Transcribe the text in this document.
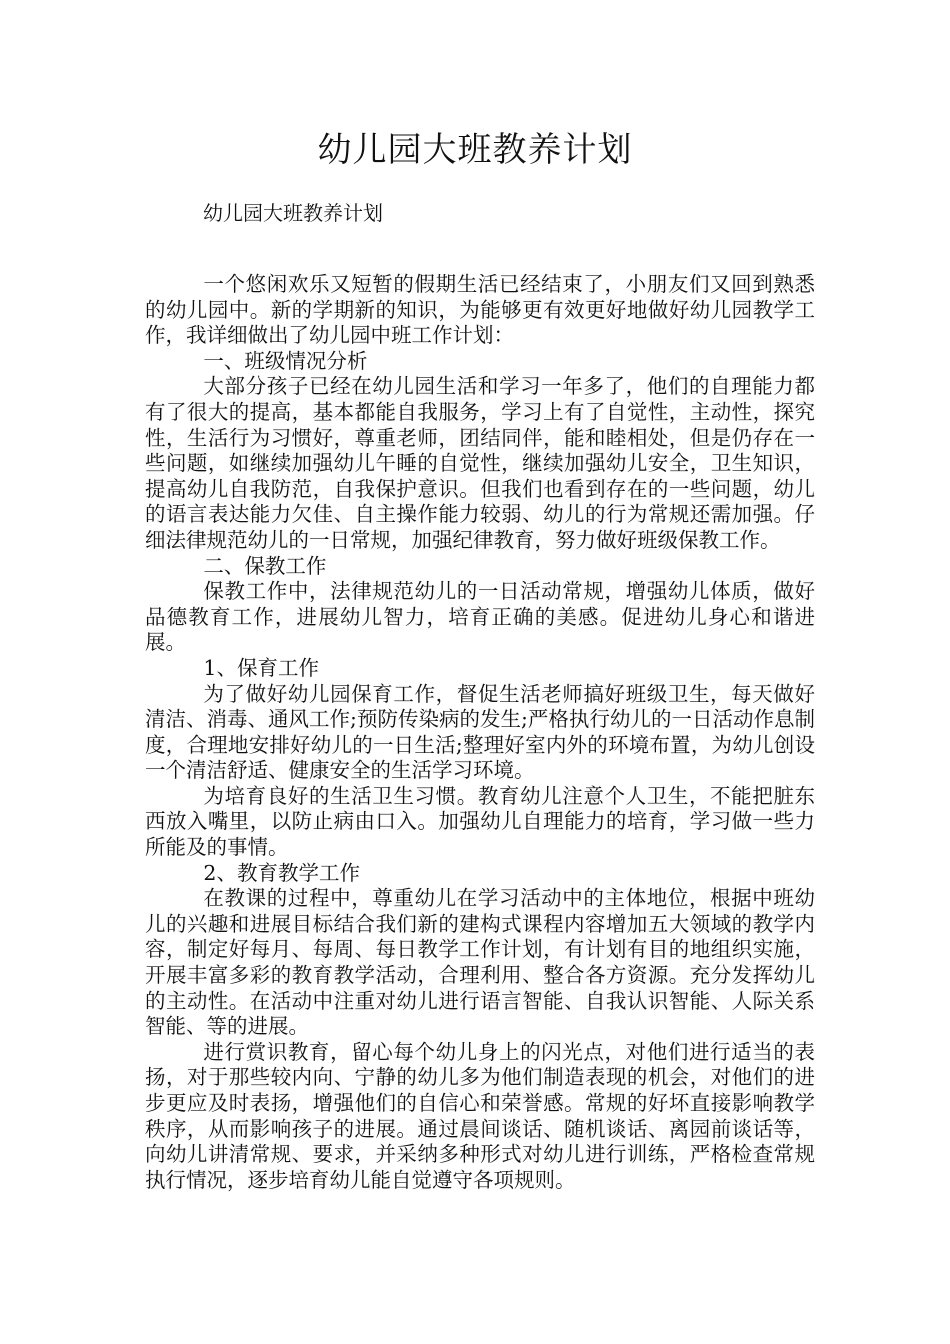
幼儿园大班教养计划

幼儿园大班教养计划

一个悠闲欢乐又短暂的假期生活已经结束了，小朋友们又回到熟悉的幼儿园中。新的学期新的知识，为能够更有效更好地做好幼儿园教学工作，我详细做出了幼儿园中班工作计划：

一、班级情况分析

大部分孩子已经在幼儿园生活和学习一年多了，他们的自理能力都有了很大的提高，基本都能自我服务，学习上有了自觉性，主动性，探究性，生活行为习惯好，尊重老师，团结同伴，能和睦相处，但是仍存在一些问题，如继续加强幼儿午睡的自觉性，继续加强幼儿安全，卫生知识，提高幼儿自我防范，自我保护意识。但我们也看到存在的一些问题，幼儿的语言表达能力欠佳、自主操作能力较弱、幼儿的行为常规还需加强。仔细法律规范幼儿的一日常规，加强纪律教育，努力做好班级保教工作。

二、保教工作

保教工作中，法律规范幼儿的一日活动常规，增强幼儿体质，做好品德教育工作，进展幼儿智力，培育正确的美感。促进幼儿身心和谐进展。

1、保育工作

为了做好幼儿园保育工作，督促生活老师搞好班级卫生，每天做好清洁、消毒、通风工作;预防传染病的发生;严格执行幼儿的一日活动作息制度，合理地安排好幼儿的一日生活;整理好室内外的环境布置，为幼儿创设一个清洁舒适、健康安全的生活学习环境。

为培育良好的生活卫生习惯。教育幼儿注意个人卫生，不能把脏东西放入嘴里，以防止病由口入。加强幼儿自理能力的培育，学习做一些力所能及的事情。

2、教育教学工作

在教课的过程中，尊重幼儿在学习活动中的主体地位，根据中班幼儿的兴趣和进展目标结合我们新的建构式课程内容增加五大领域的教学内容，制定好每月、每周、每日教学工作计划，有计划有目的地组织实施，开展丰富多彩的教育教学活动，合理利用、整合各方资源。充分发挥幼儿的主动性。在活动中注重对幼儿进行语言智能、自我认识智能、人际关系智能、等的进展。

进行赏识教育，留心每个幼儿身上的闪光点，对他们进行适当的表扬，对于那些较内向、宁静的幼儿多为他们制造表现的机会，对他们的进步更应及时表扬，增强他们的自信心和荣誉感。常规的好坏直接影响教学秩序，从而影响孩子的进展。通过晨间谈话、随机谈话、离园前谈话等，向幼儿讲清常规、要求，并采纳多种形式对幼儿进行训练，严格检查常规执行情况，逐步培育幼儿能自觉遵守各项规则。
